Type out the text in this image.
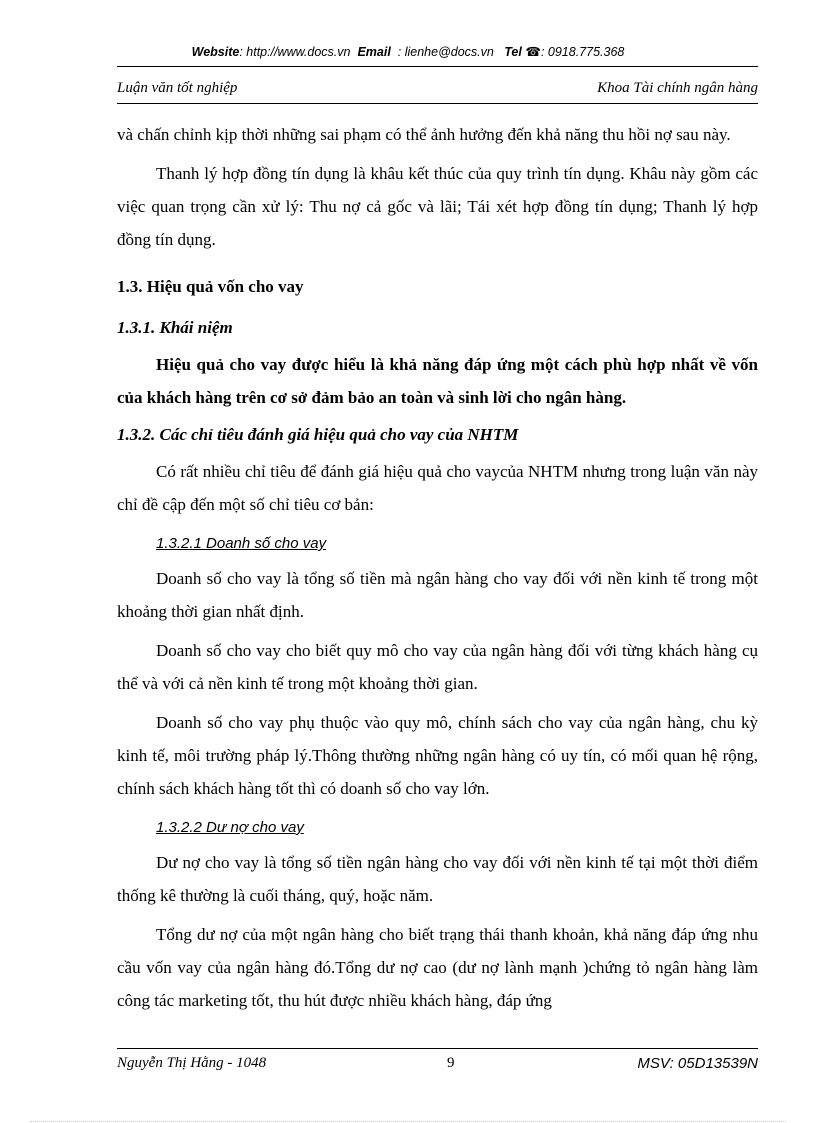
Website: http://www.docs.vn Email : lienhe@docs.vn Tel ☎: 0918.775.368
Luận văn tốt nghiệp	Khoa Tài chính ngân hàng

và chấn chỉnh kịp thời những sai phạm có thể ảnh hưởng đến khả năng thu hồi nợ sau này.

Thanh lý hợp đồng tín dụng là khâu kết thúc của quy trình tín dụng. Khâu này gồm các việc quan trọng cần xử lý: Thu nợ cả gốc và lãi; Tái xét hợp đồng tín dụng; Thanh lý hợp đồng tín dụng.

1.3. Hiệu quả vốn cho vay

1.3.1. Khái niệm

Hiệu quả cho vay được hiểu là khả năng đáp ứng một cách phù hợp nhất về vốn của khách hàng trên cơ sở đảm bảo an toàn và sinh lời cho ngân hàng.

1.3.2. Các chỉ tiêu đánh giá hiệu quả cho vay của NHTM

Có rất nhiều chỉ tiêu để đánh giá hiệu quả cho vaycủa NHTM nhưng trong luận văn này chỉ đề cập đến một số chỉ tiêu cơ bản:

1.3.2.1 Doanh số cho vay

Doanh số cho vay là tổng số tiền mà ngân hàng cho vay đối với nền kinh tế trong một khoảng thời gian nhất định.

Doanh số cho vay cho biết quy mô cho vay của ngân hàng đối với từng khách hàng cụ thể và với cả nền kinh tế trong một khoảng thời gian.

Doanh số cho vay phụ thuộc vào quy mô, chính sách cho vay của ngân hàng, chu kỳ kinh tế, môi trường pháp lý.Thông thường những ngân hàng có uy tín, có mối quan hệ rộng, chính sách khách hàng tốt thì có doanh số cho vay lớn.

1.3.2.2 Dư nợ cho vay

Dư nợ cho vay là tổng số tiền ngân hàng cho vay đối với nền kinh tế tại một thời điểm thống kê thường là cuối tháng, quý, hoặc năm.

Tổng dư nợ của một ngân hàng cho biết trạng thái thanh khoản, khả năng đáp ứng nhu cầu vốn vay của ngân hàng đó.Tổng dư nợ cao (dư nợ lành mạnh )chứng tỏ ngân hàng làm công tác marketing tốt, thu hút được nhiều khách hàng, đáp ứng

Nguyễn Thị Hằng - 1048	9	MSV: 05D13539N
